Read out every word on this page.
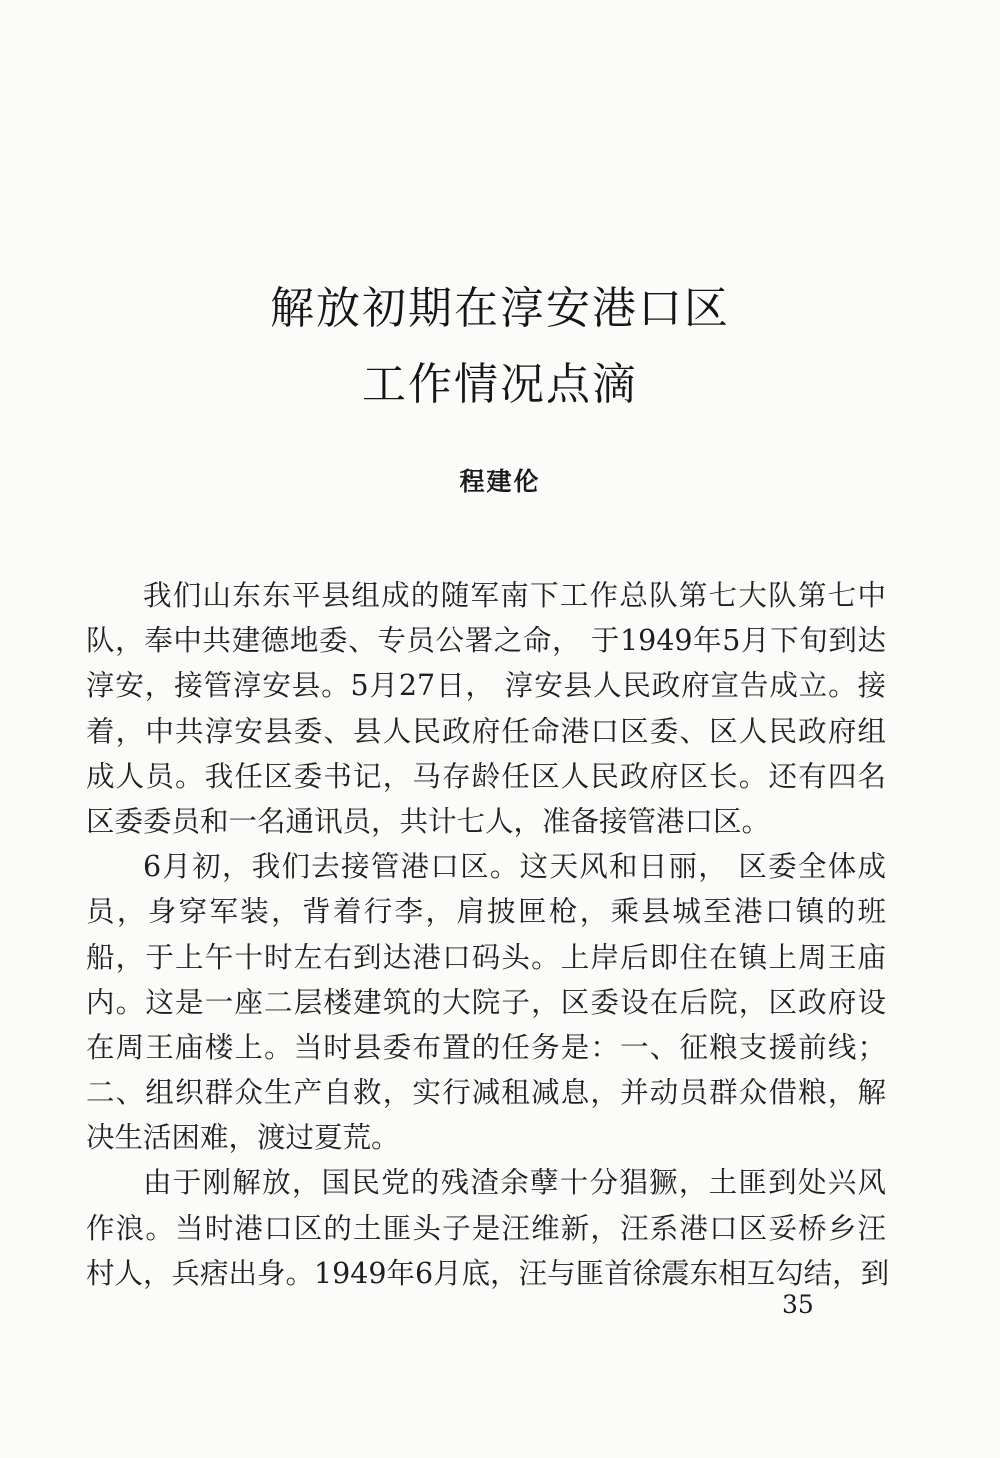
解放初期在淳安港口区
工作情况点滴
程建伦
我们山东东平县组成的随军南下工作总队第七大队第七中
队，奉中共建德地委、专员公署之命， 于1949年5月下旬到达
淳安，接管淳安县。5月27日， 淳安县人民政府宣告成立。接
着，中共淳安县委、县人民政府任命港口区委、区人民政府组
成人员。我任区委书记，马存龄任区人民政府区长。还有四名
区委委员和一名通讯员，共计七人，准备接管港口区。
6月初，我们去接管港口区。这天风和日丽， 区委全体成
员，身穿军装，背着行李，肩披匣枪，乘县城至港口镇的班
船，于上午十时左右到达港口码头。上岸后即住在镇上周王庙
内。这是一座二层楼建筑的大院子，区委设在后院，区政府设
在周王庙楼上。当时县委布置的任务是：一、征粮支援前线；
二、组织群众生产自救，实行减租减息，并动员群众借粮，解
决生活困难，渡过夏荒。
由于刚解放，国民党的残渣余孽十分猖獗，土匪到处兴风
作浪。当时港口区的土匪头子是汪维新，汪系港口区妥桥乡汪
村人，兵痞出身。1949年6月底，汪与匪首徐震东相互勾结，到
35
